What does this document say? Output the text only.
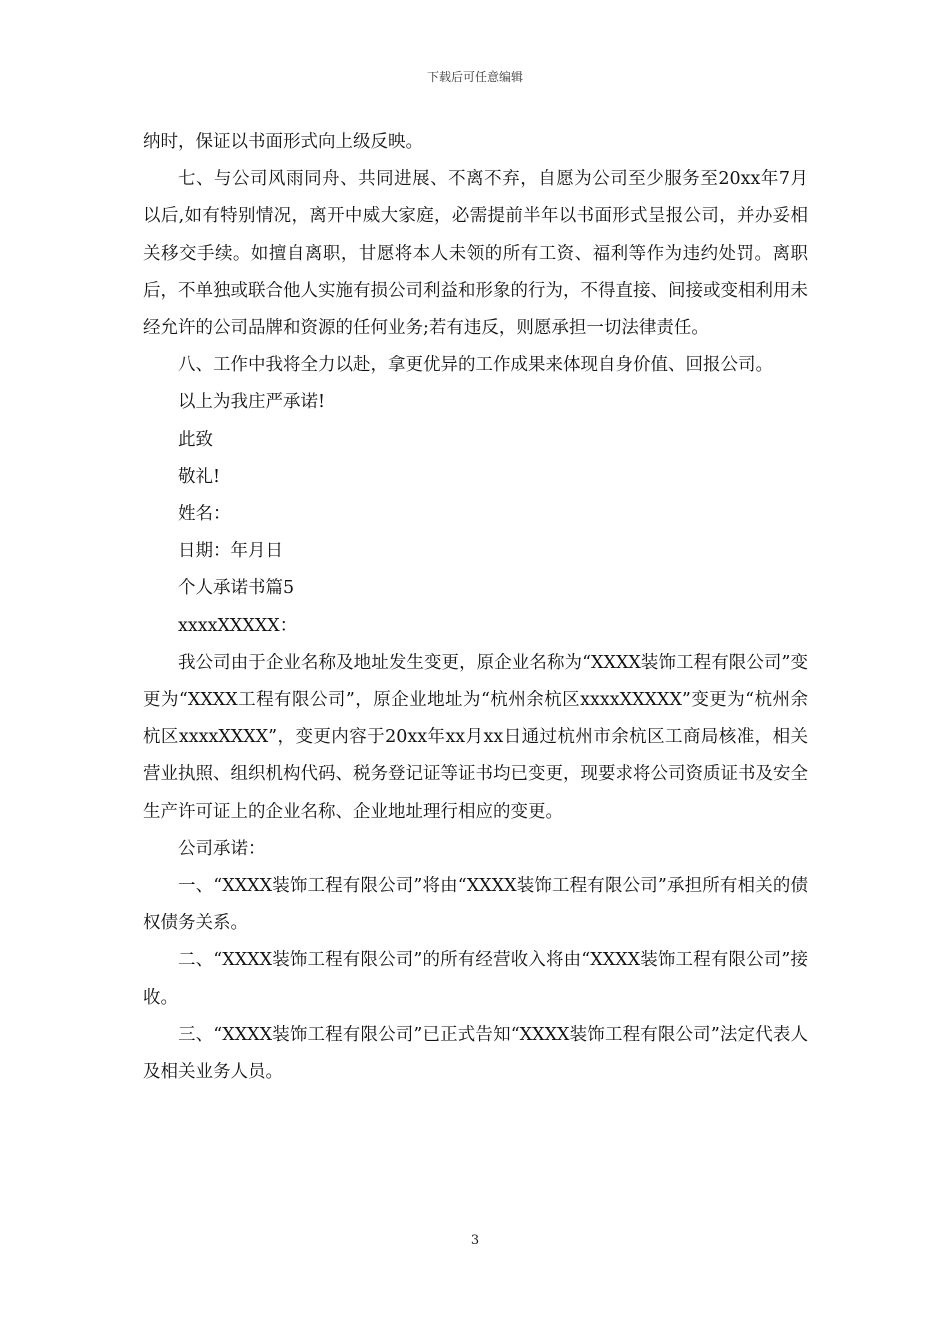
下载后可任意编辑

纳时，保证以书面形式向上级反映。

七、与公司风雨同舟、共同进展、不离不弃，自愿为公司至少服务至20xx年7月以后,如有特别情况，离开中威大家庭，必需提前半年以书面形式呈报公司，并办妥相关移交手续。如擅自离职，甘愿将本人未领的所有工资、福利等作为违约处罚。离职后，不单独或联合他人实施有损公司利益和形象的行为，不得直接、间接或变相利用未经允许的公司品牌和资源的任何业务;若有违反，则愿承担一切法律责任。

八、工作中我将全力以赴，拿更优异的工作成果来体现自身价值、回报公司。

以上为我庄严承诺!

此致

敬礼!

姓名：

日期：年月日

个人承诺书篇5

xxxxXXXXX：

我公司由于企业名称及地址发生变更，原企业名称为“XXXX装饰工程有限公司”变更为“XXXX工程有限公司”，原企业地址为“杭州余杭区xxxxXXXXX”变更为“杭州余杭区xxxxXXXX”，变更内容于20xx年xx月xx日通过杭州市余杭区工商局核准，相关营业执照、组织机构代码、税务登记证等证书均已变更，现要求将公司资质证书及安全生产许可证上的企业名称、企业地址理行相应的变更。

公司承诺：

一、“XXXX装饰工程有限公司”将由“XXXX装饰工程有限公司”承担所有相关的债权债务关系。

二、“XXXX装饰工程有限公司”的所有经营收入将由“XXXX装饰工程有限公司”接收。

三、“XXXX装饰工程有限公司”已正式告知“XXXX装饰工程有限公司”法定代表人及相关业务人员。

3
